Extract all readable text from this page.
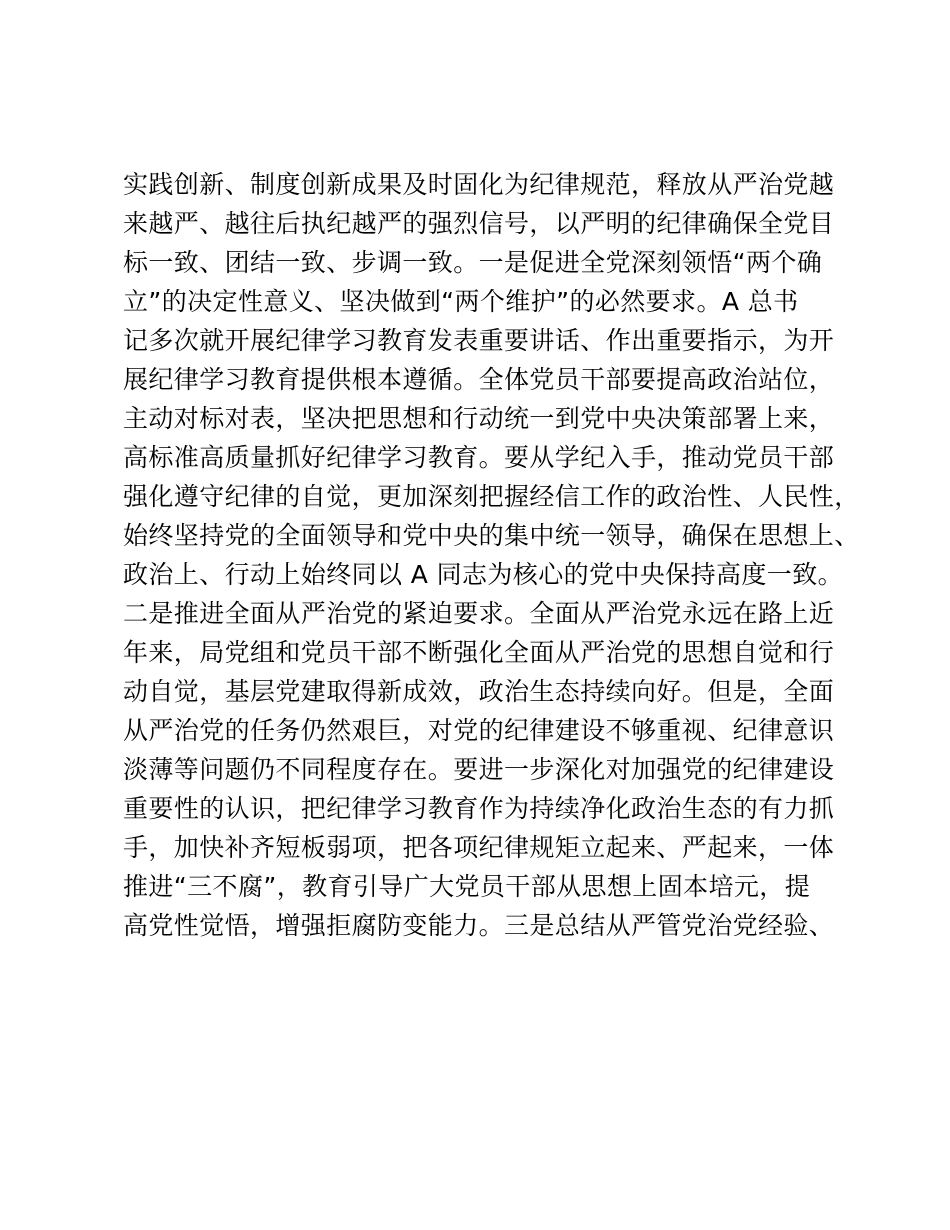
实践创新、制度创新成果及时固化为纪律规范，释放从严治党越
来越严、越往后执纪越严的强烈信号，以严明的纪律确保全党目
标一致、团结一致、步调一致。一是促进全党深刻领悟“两个确
立”的决定性意义、坚决做到“两个维护”的必然要求。A 总书
记多次就开展纪律学习教育发表重要讲话、作出重要指示，为开
展纪律学习教育提供根本遵循。全体党员干部要提高政治站位，
主动对标对表，坚决把思想和行动统一到党中央决策部署上来，
高标准高质量抓好纪律学习教育。要从学纪入手，推动党员干部
强化遵守纪律的自觉，更加深刻把握经信工作的政治性、人民性，
始终坚持党的全面领导和党中央的集中统一领导，确保在思想上、
政治上、行动上始终同以 A 同志为核心的党中央保持高度一致。
二是推进全面从严治党的紧迫要求。全面从严治党永远在路上近
年来，局党组和党员干部不断强化全面从严治党的思想自觉和行
动自觉，基层党建取得新成效，政治生态持续向好。但是，全面
从严治党的任务仍然艰巨，对党的纪律建设不够重视、纪律意识
淡薄等问题仍不同程度存在。要进一步深化对加强党的纪律建设
重要性的认识，把纪律学习教育作为持续净化政治生态的有力抓
手，加快补齐短板弱项，把各项纪律规矩立起来、严起来，一体
推进“三不腐”，教育引导广大党员干部从思想上固本培元，提
高党性觉悟，增强拒腐防变能力。三是总结从严管党治党经验、
